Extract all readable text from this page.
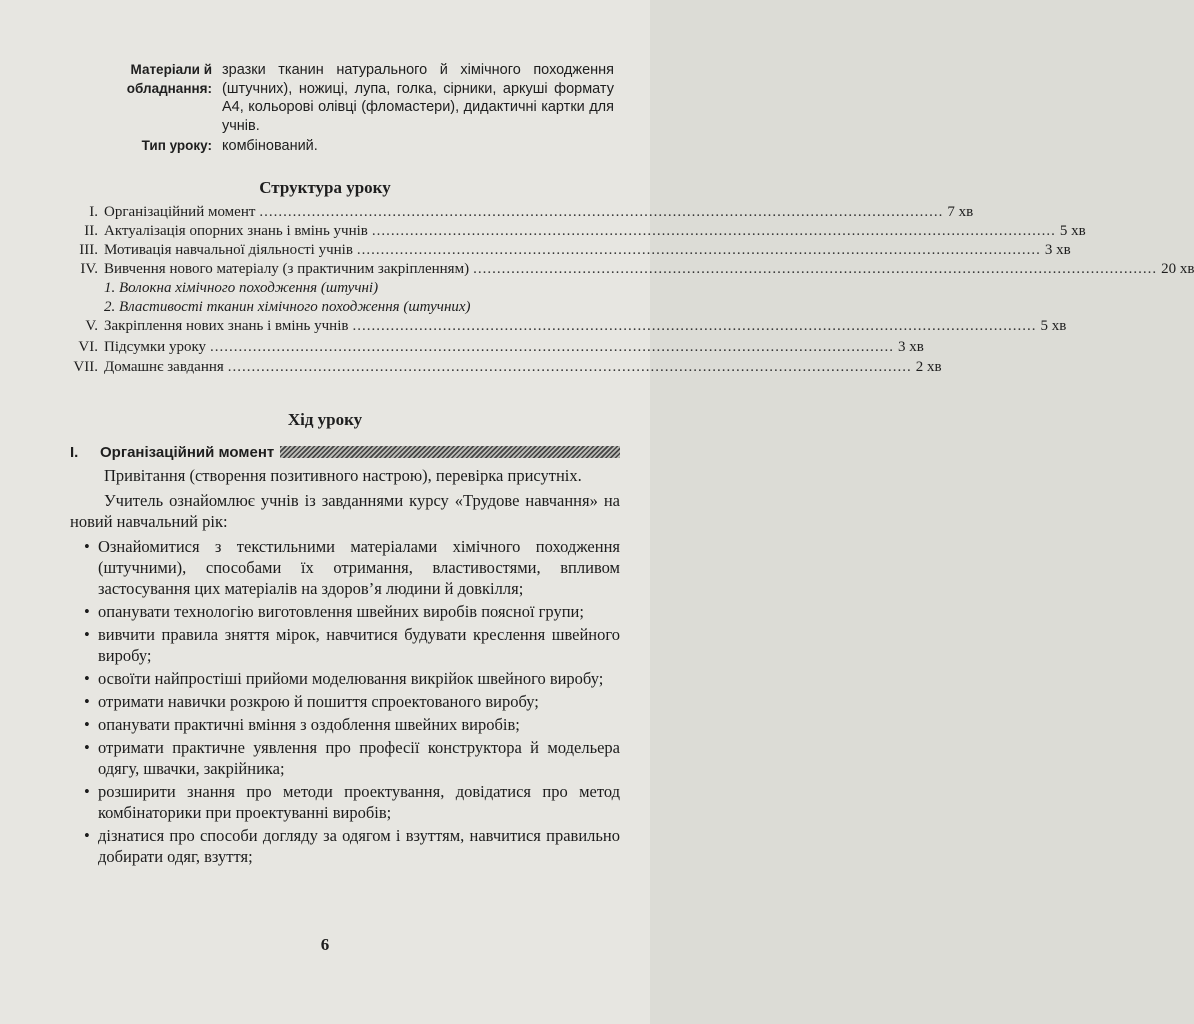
Матеріали й обладнання:
зразки тканин натурального й хімічного походження (штучних), ножиці, лупа, голка, сірники, аркуші формату А4, кольорові олівці (фломастери), дидактичні картки для учнів.
Тип уроку: комбінований.
Структура уроку
I. Організаційний момент ................................................................................................................................................ 7 хв
II. Актуалізація опорних знань і вмінь учнів ................................................................................................................................................ 5 хв
III. Мотивація навчальної діяльності учнів ................................................................................................................................................ 3 хв
IV. Вивчення нового матеріалу (з практичним закріпленням) ................................................................................................................................................ 20 хв
1. Волокна хімічного походження (штучні)
2. Властивості тканин хімічного походження (штучних)
V. Закріплення нових знань і вмінь учнів ................................................................................................................................................ 5 хв
VI. Підсумки уроку ................................................................................................................................................ 3 хв
VII. Домашнє завдання ................................................................................................................................................ 2 хв
Хід уроку
I.	Організаційний момент

Привітання (створення позитивного настрою), перевірка присутніх.

Учитель ознайомлює учнів із завданнями курсу «Трудове навчання» на новий навчальний рік:

• Ознайомитися з текстильними матеріалами хімічного походження (штучними), способами їх отримання, властивостями, впливом застосування цих матеріалів на здоров’я людини й довкілля;
• опанувати технологію виготовлення швейних виробів поясної групи;
• вивчити правила зняття мірок, навчитися будувати креслення швейного виробу;
• освоїти найпростіші прийоми моделювання викрійок швейного виробу;
• отримати навички розкрою й пошиття спроектованого виробу;
• опанувати практичні вміння з оздоблення швейних виробів;
• отримати практичне уявлення про професії конструктора й модельера одягу, швачки, закрійника;
• розширити знання про методи проектування, довідатися про метод комбінаторики при проектуванні виробів;
• дізнатися про способи догляду за одягом і взуттям, навчитися правильно добирати одяг, взуття;
6
